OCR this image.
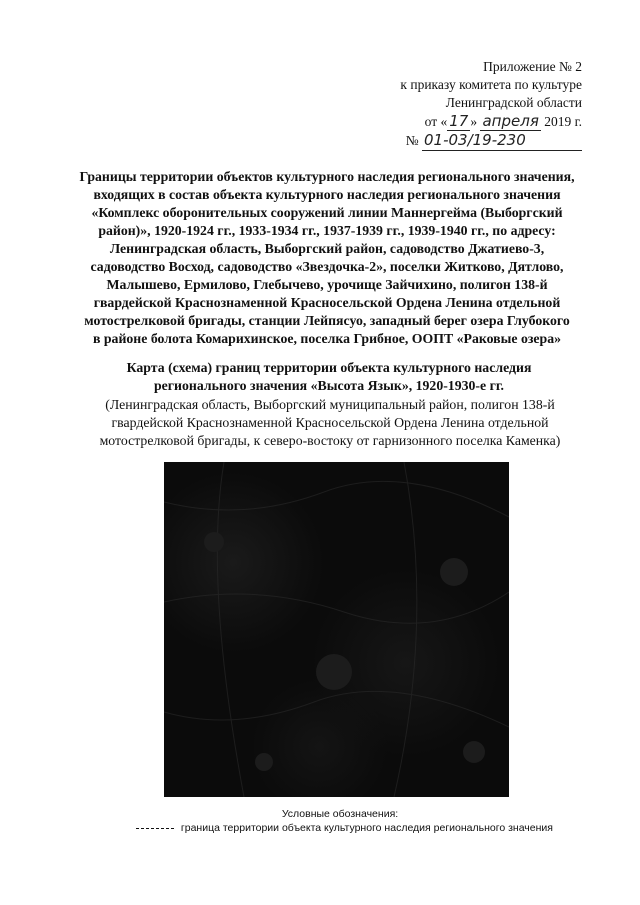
Приложение № 2
к приказу комитета по культуре
Ленинградской области
от « 17 » апреля 2019 г.
№ 01-03/19-230
Границы территории объектов культурного наследия регионального значения,
входящих в состав объекта культурного наследия регионального значения
«Комплекс оборонительных сооружений линии Маннергейма (Выборгский
район)», 1920-1924 гг., 1933-1934 гг., 1937-1939 гг., 1939-1940 гг., по адресу:
Ленинградская область, Выборгский район, садоводство Джатиево-3,
садоводство Восход, садоводство «Звездочка-2», поселки Житково, Дятлово,
Малышево, Ермилово, Глебычево, урочище Зайчихино, полигон 138-й
гвардейской Краснознаменной Красносельской Ордена Ленина отдельной
мотострелковой бригады, станции Лейпясуо, западный берег озера Глубокого
в районе болота Комарихинское, поселка Грибное, ООПТ «Раковые озера»
Карта (схема) границ территории объекта культурного наследия
регионального значения «Высота Язык», 1920-1930-е гг.
(Ленинградская область, Выборгский муниципальный район, полигон 138-й
гвардейской Краснознаменной Красносельской Ордена Ленина отдельной
мотострелковой бригады, к северо-востоку от гарнизонного поселка Каменка)
Условные обозначения:
граница территории объекта культурного наследия регионального значения
